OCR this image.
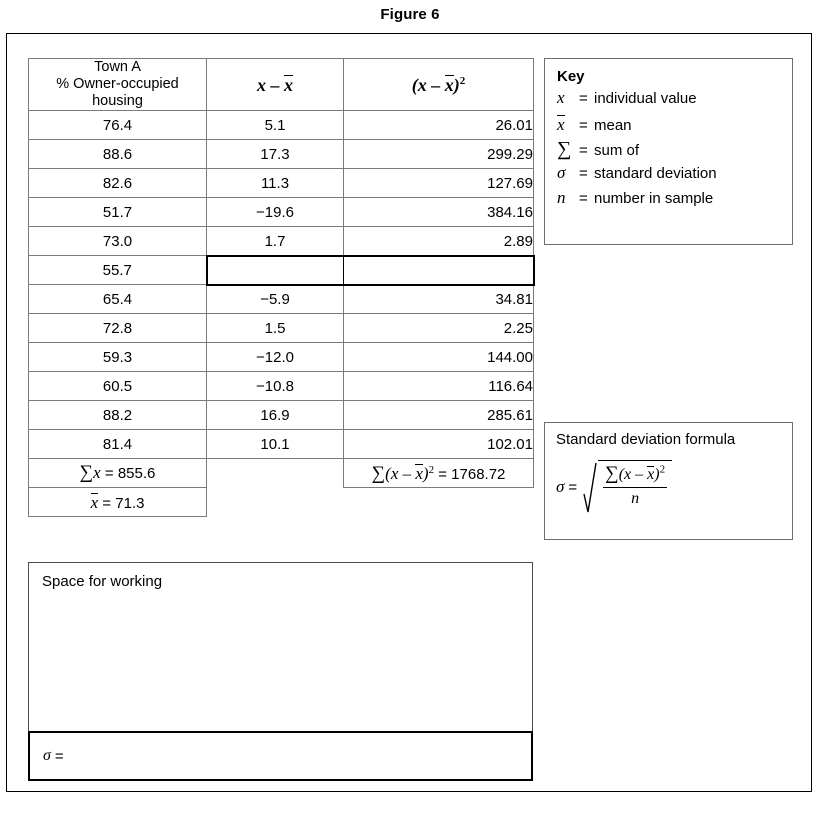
Figure 6
Town A
% Owner-occupied
housing	x – x	(x – x)$^2$
76.4	5.1	26.01
88.6	17.3	299.29
82.6	11.3	127.69
51.7	−19.6	384.16
73.0	1.7	2.89
55.7		
65.4	−5.9	34.81
72.8	1.5	2.25
59.3	−12.0	144.00
60.5	−10.8	116.64
88.2	16.9	285.61
81.4	10.1	102.01
∑x = 855.6		∑(x – x)$^2$ = 1768.72
x = 71.3		
Key
x = individual value
x = mean
∑ = sum of
σ = standard deviation
n = number in sample
Standard deviation formula
$\sigma = \frac{\sum(x - x)^2}{n}$
Space for working
σ =
